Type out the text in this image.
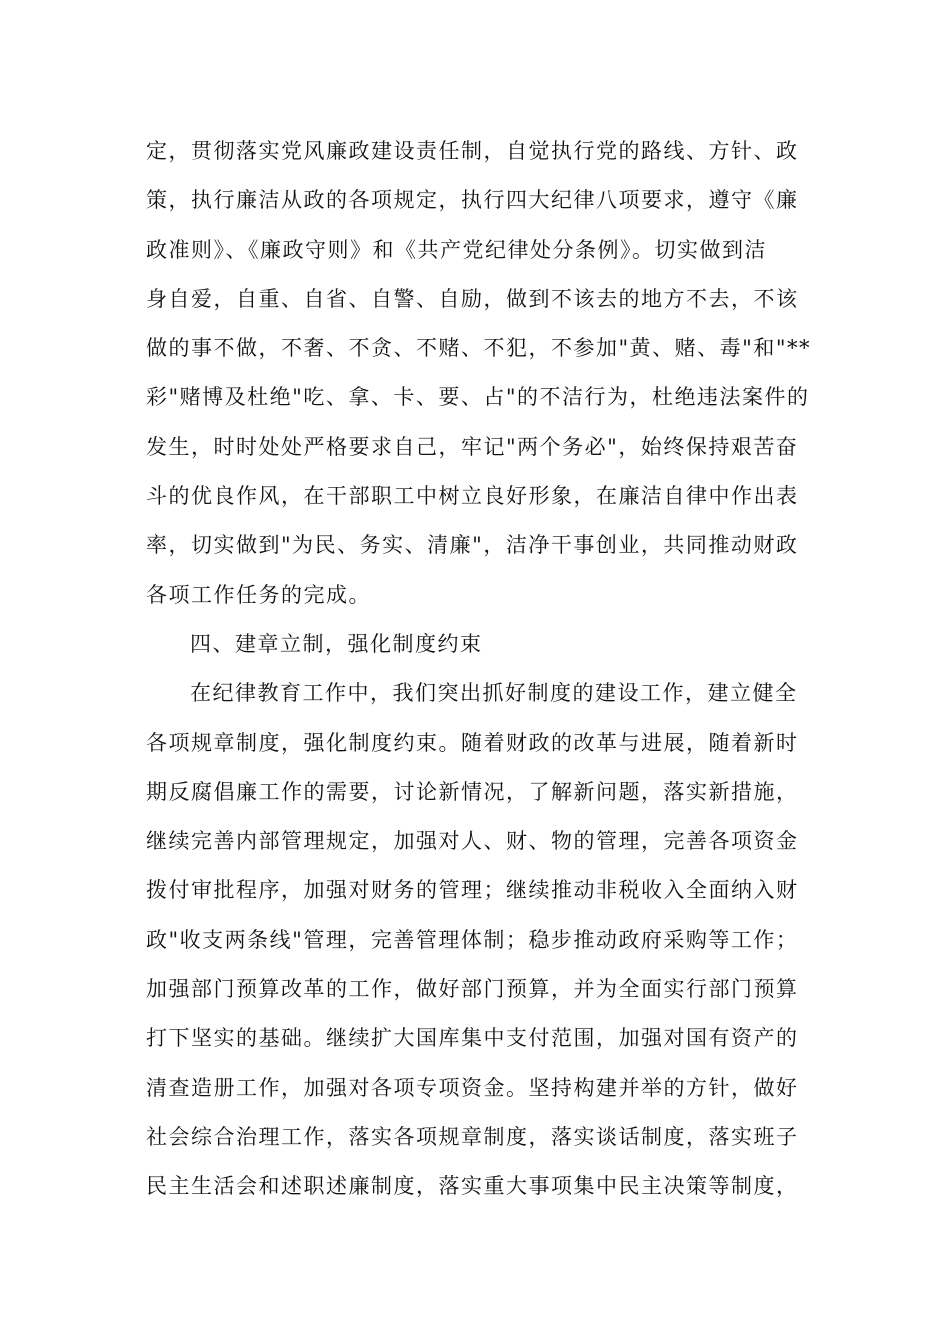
定，贯彻落实党风廉政建设责任制，自觉执行党的路线、方针、政
策，执行廉洁从政的各项规定，执行四大纪律八项要求，遵守《廉
政准则》、《廉政守则》和《共产党纪律处分条例》。切实做到洁
身自爱，自重、自省、自警、自励，做到不该去的地方不去，不该
做的事不做，不奢、不贪、不赌、不犯，不参加"黄、赌、毒"和"**
彩"赌博及杜绝"吃、拿、卡、要、占"的不洁行为，杜绝违法案件的
发生，时时处处严格要求自己，牢记"两个务必"，始终保持艰苦奋
斗的优良作风，在干部职工中树立良好形象，在廉洁自律中作出表
率，切实做到"为民、务实、清廉"，洁净干事创业，共同推动财政
各项工作任务的完成。
四、建章立制，强化制度约束
在纪律教育工作中，我们突出抓好制度的建设工作，建立健全
各项规章制度，强化制度约束。随着财政的改革与进展，随着新时
期反腐倡廉工作的需要，讨论新情况，了解新问题，落实新措施，
继续完善内部管理规定，加强对人、财、物的管理，完善各项资金
拨付审批程序，加强对财务的管理；继续推动非税收入全面纳入财
政"收支两条线"管理，完善管理体制；稳步推动政府采购等工作；
加强部门预算改革的工作，做好部门预算，并为全面实行部门预算
打下坚实的基础。继续扩大国库集中支付范围，加强对国有资产的
清查造册工作，加强对各项专项资金。坚持构建并举的方针，做好
社会综合治理工作，落实各项规章制度，落实谈话制度，落实班子
民主生活会和述职述廉制度，落实重大事项集中民主决策等制度，
